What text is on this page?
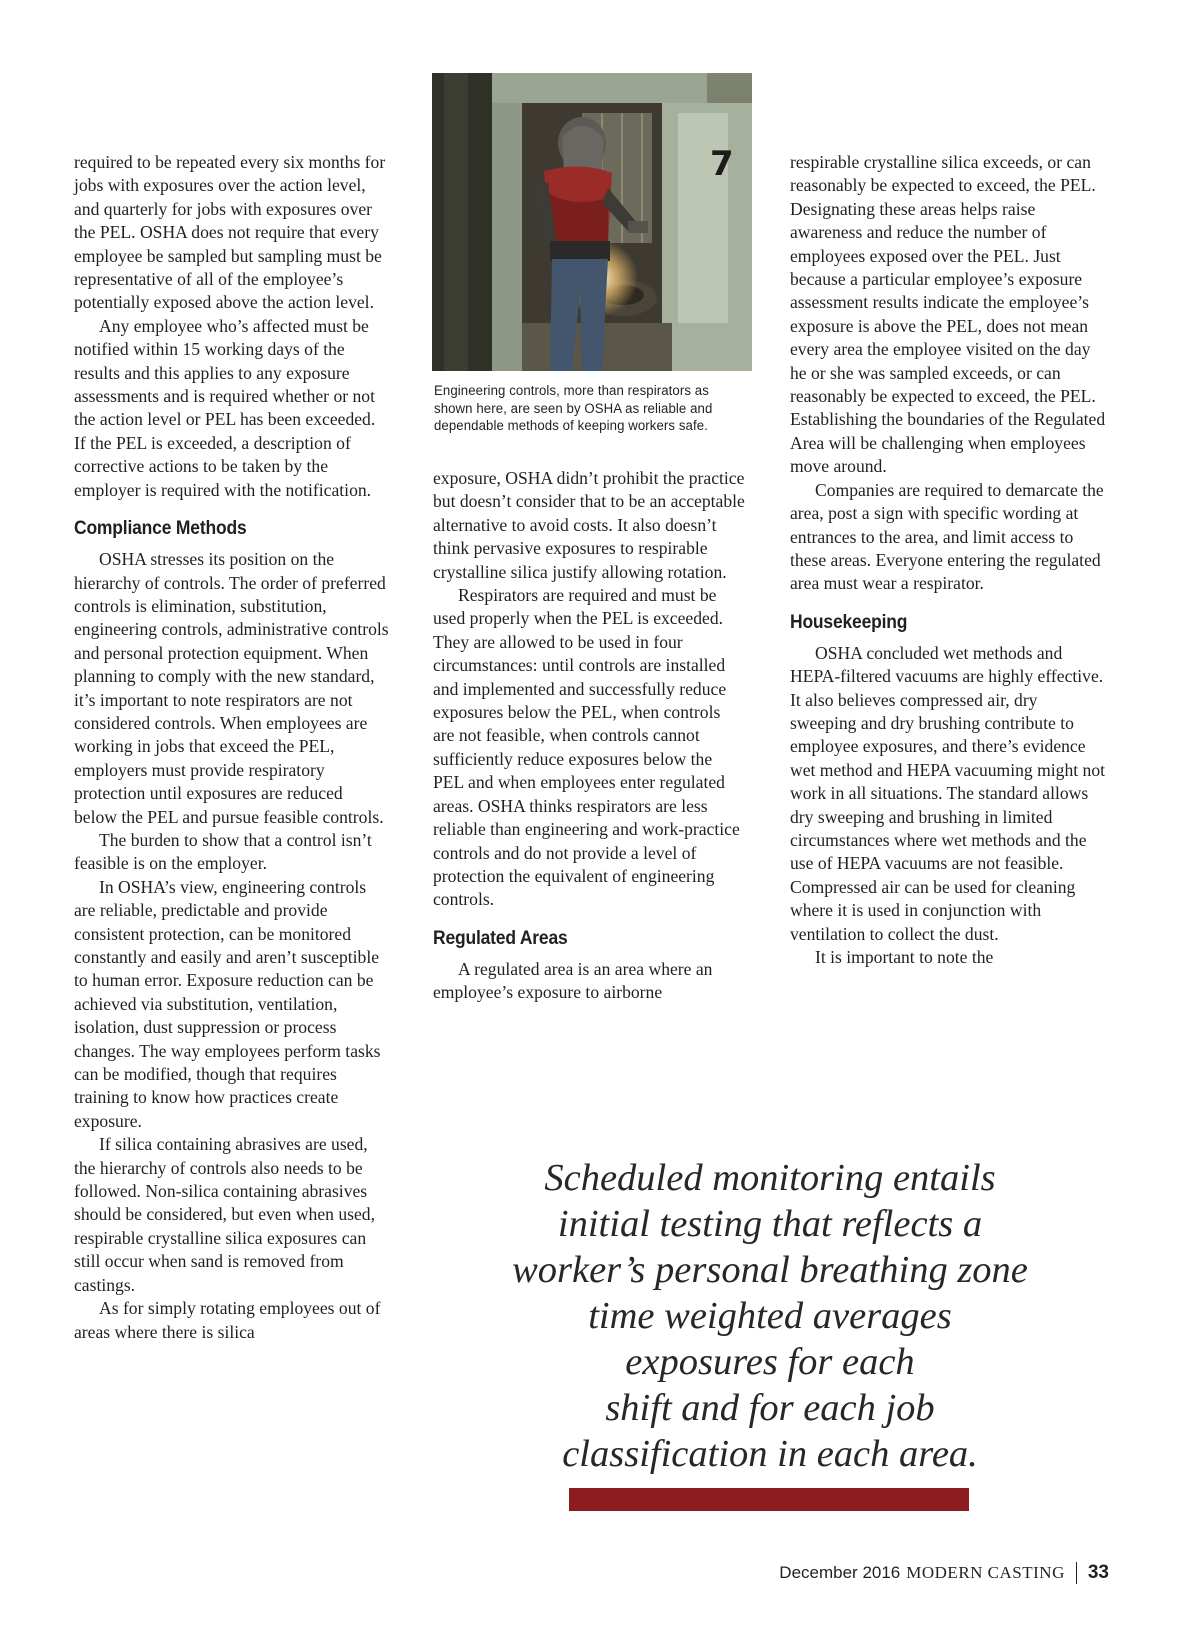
required to be repeated every six months for jobs with exposures over the action level, and quarterly for jobs with exposures over the PEL. OSHA does not require that every employee be sampled but sampling must be representative of all of the employee’s potentially exposed above the action level.

Any employee who’s affected must be notified within 15 working days of the results and this applies to any exposure assessments and is required whether or not the action level or PEL has been exceeded. If the PEL is exceeded, a description of corrective actions to be taken by the employer is required with the notification.

Compliance Methods

OSHA stresses its position on the hierarchy of controls. The order of preferred controls is elimination, substitution, engineering controls, administrative controls and personal protection equipment. When planning to comply with the new standard, it’s important to note respirators are not considered controls. When employees are working in jobs that exceed the PEL, employers must provide respiratory protection until exposures are reduced below the PEL and pursue feasible controls.

The burden to show that a control isn’t feasible is on the employer.

In OSHA’s view, engineering controls are reliable, predictable and provide consistent protection, can be monitored constantly and easily and aren’t susceptible to human error. Exposure reduction can be achieved via substitution, ventilation, isolation, dust suppression or process changes. The way employees perform tasks can be modified, though that requires training to know how practices create exposure.

If silica containing abrasives are used, the hierarchy of controls also needs to be followed. Non-silica containing abrasives should be considered, but even when used, respirable crystalline silica exposures can still occur when sand is removed from castings.

As for simply rotating employees out of areas where there is silica

7
Engineering controls, more than respirators as shown here, are seen by OSHA as reliable and dependable methods of keeping workers safe.

exposure, OSHA didn’t prohibit the practice but doesn’t consider that to be an acceptable alternative to avoid costs. It also doesn’t think pervasive exposures to respirable crystalline silica justify allowing rotation.

Respirators are required and must be used properly when the PEL is exceeded. They are allowed to be used in four circumstances: until controls are installed and implemented and successfully reduce exposures below the PEL, when controls are not feasible, when controls cannot sufficiently reduce exposures below the PEL and when employees enter regulated areas. OSHA thinks respirators are less reliable than engineering and work-practice controls and do not provide a level of protection the equivalent of engineering controls.

Regulated Areas

A regulated area is an area where an employee’s exposure to airborne

respirable crystalline silica exceeds, or can reasonably be expected to exceed, the PEL. Designating these areas helps raise awareness and reduce the number of employees exposed over the PEL. Just because a particular employee’s exposure assessment results indicate the employee’s exposure is above the PEL, does not mean every area the employee visited on the day he or she was sampled exceeds, or can reasonably be expected to exceed, the PEL. Establishing the boundaries of the Regulated Area will be challenging when employees move around.

Companies are required to demarcate the area, post a sign with specific wording at entrances to the area, and limit access to these areas. Everyone entering the regulated area must wear a respirator.

Housekeeping

OSHA concluded wet methods and HEPA-filtered vacuums are highly effective. It also believes compressed air, dry sweeping and dry brushing contribute to employee exposures, and there’s evidence wet method and HEPA vacuuming might not work in all situations. The standard allows dry sweeping and brushing in limited circumstances where wet methods and the use of HEPA vacuums are not feasible. Compressed air can be used for cleaning where it is used in conjunction with ventilation to collect the dust.

It is important to note the

Scheduled monitoring entails
initial testing that reflects a
worker’s personal breathing zone
time weighted averages
exposures for each
shift and for each job
classification in each area.
December 2016 MODERN CASTING 33
